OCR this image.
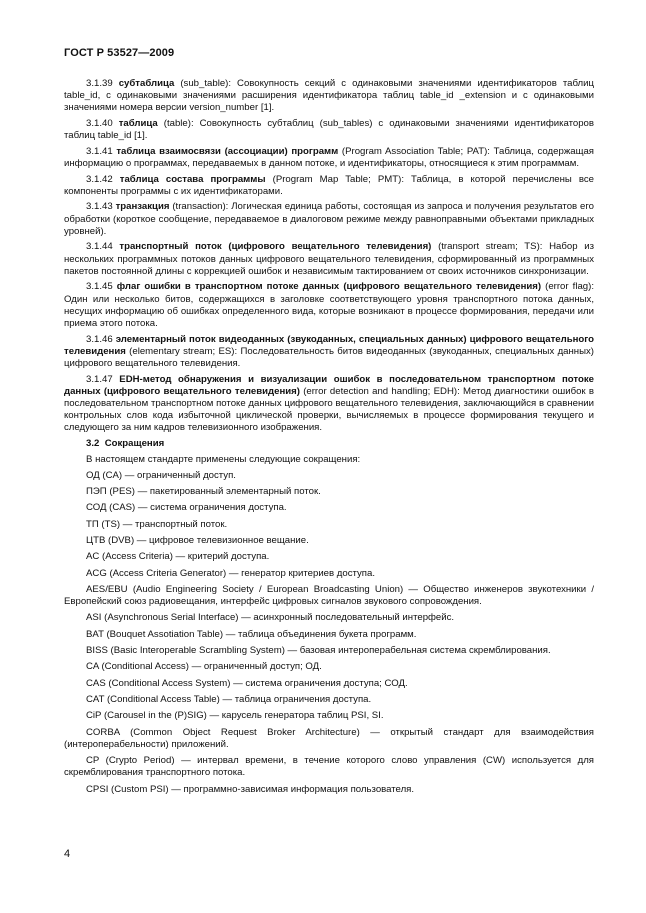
ГОСТ Р 53527—2009

3.1.39 субтаблица (sub_table): Совокупность секций с одинаковыми значениями идентификаторов таблиц table_id, с одинаковыми значениями расширения идентификатора таблиц table_id _extension и с одинаковыми значениями номера версии version_number [1].

3.1.40 таблица (table): Совокупность субтаблиц (sub_tables) с одинаковыми значениями идентификаторов таблиц table_id [1].

3.1.41 таблица взаимосвязи (ассоциации) программ (Program Association Table; PAT): Таблица, содержащая информацию о программах, передаваемых в данном потоке, и идентификаторы, относящиеся к этим программам.

3.1.42 таблица состава программы (Program Map Table; PMT): Таблица, в которой перечислены все компоненты программы с их идентификаторами.

3.1.43 транзакция (transaction): Логическая единица работы, состоящая из запроса и получения результатов его обработки (короткое сообщение, передаваемое в диалоговом режиме между равноправными объектами прикладных уровней).

3.1.44 транспортный поток (цифрового вещательного телевидения) (transport stream; TS): Набор из нескольких программных потоков данных цифрового вещательного телевидения, сформированный из программных пакетов постоянной длины с коррекцией ошибок и независимым тактированием от своих источников синхронизации.

3.1.45 флаг ошибки в транспортном потоке данных (цифрового вещательного телевидения) (error flag): Один или несколько битов, содержащихся в заголовке соответствующего уровня транспортного потока данных, несущих информацию об ошибках определенного вида, которые возникают в процессе формирования, передачи или приема этого потока.

3.1.46 элементарный поток видеоданных (звукоданных, специальных данных) цифрового вещательного телевидения (elementary stream; ES): Последовательность битов видеоданных (звукоданных, специальных данных) цифрового вещательного телевидения.

3.1.47 EDH-метод обнаружения и визуализации ошибок в последовательном транспортном потоке данных (цифрового вещательного телевидения) (error detection and handling; EDH): Метод диагностики ошибок в последовательном транспортном потоке данных цифрового вещательного телевидения, заключающийся в сравнении контрольных слов кода избыточной циклической проверки, вычисляемых в процессе формирования текущего и следующего за ним кадров телевизионного изображения.

3.2 Сокращения

В настоящем стандарте применены следующие сокращения:

ОД (CA) — ограниченный доступ.

ПЭП (PES) — пакетированный элементарный поток.

СОД (CAS) — система ограничения доступа.

ТП (TS) — транспортный поток.

ЦТВ (DVB) — цифровое телевизионное вещание.

AC (Access Criteria) — критерий доступа.

ACG (Access Criteria Generator) — генератор критериев доступа.

AES/EBU (Audio Engineering Society / European Broadcasting Union) — Общество инженеров звукотехники / Европейский союз радиовещания, интерфейс цифровых сигналов звукового сопровождения.

ASI (Asynchronous Serial Interface) — асинхронный последовательный интерфейс.

BAT (Bouquet Assotiation Table) — таблица объединения букета программ.

BISS (Basic Interoperable Scrambling System) — базовая интероперабельная система скремблирования.

CA (Conditional Access) — ограниченный доступ; ОД.

CAS (Conditional Access System) — система ограничения доступа; СОД.

CAT (Conditional Access Table) — таблица ограничения доступа.

CiP (Carousel in the (P)SIG) — карусель генератора таблиц PSI, SI.

CORBA (Common Object Request Broker Architecture) — открытый стандарт для взаимодействия (интероперабельности) приложений.

CP (Crypto Period) — интервал времени, в течение которого слово управления (CW) используется для скремблирования транспортного потока.

CPSI (Custom PSI) — программно-зависимая информация пользователя.

4
